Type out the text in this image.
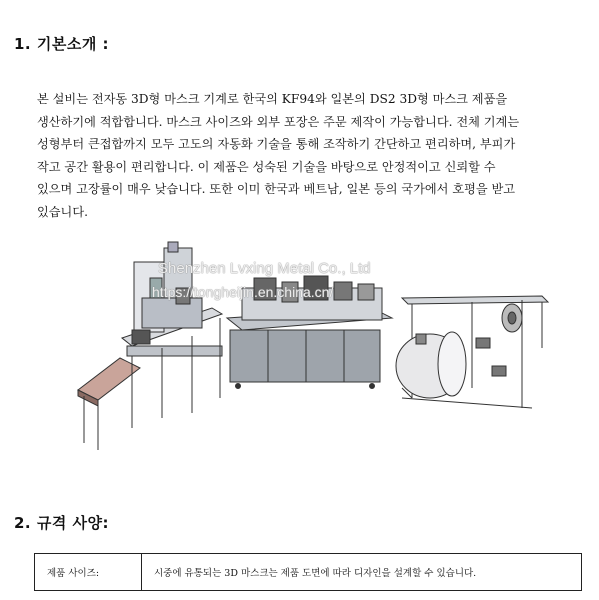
1. 기본소개 :
본 설비는 전자동 3D형 마스크 기계로 한국의 KF94와 일본의 DS2 3D형 마스크 제품을
생산하기에 적합합니다. 마스크 사이즈와 외부 포장은 주문 제작이 가능합니다. 전체 기계는
성형부터 큰접합까지 모두 고도의 자동화 기술을 통해 조작하기 간단하고 편리하며, 부피가
작고 공간 활용이 편리합니다. 이 제품은 성숙된 기술을 바탕으로 안정적이고 신뢰할 수
있으며 고장률이 매우 낮습니다. 또한 이미 한국과 베트남, 일본 등의 국가에서 호평을 받고
있습니다.
Shenzhen Lvxing Metal Co., Ltd
https://tongheijin.en.china.cn/
2. 규격 사양:
제품 사이즈:	시중에 유통되는 3D 마스크는 제품 도면에 따라 디자인을 설계할 수 있습니다.
